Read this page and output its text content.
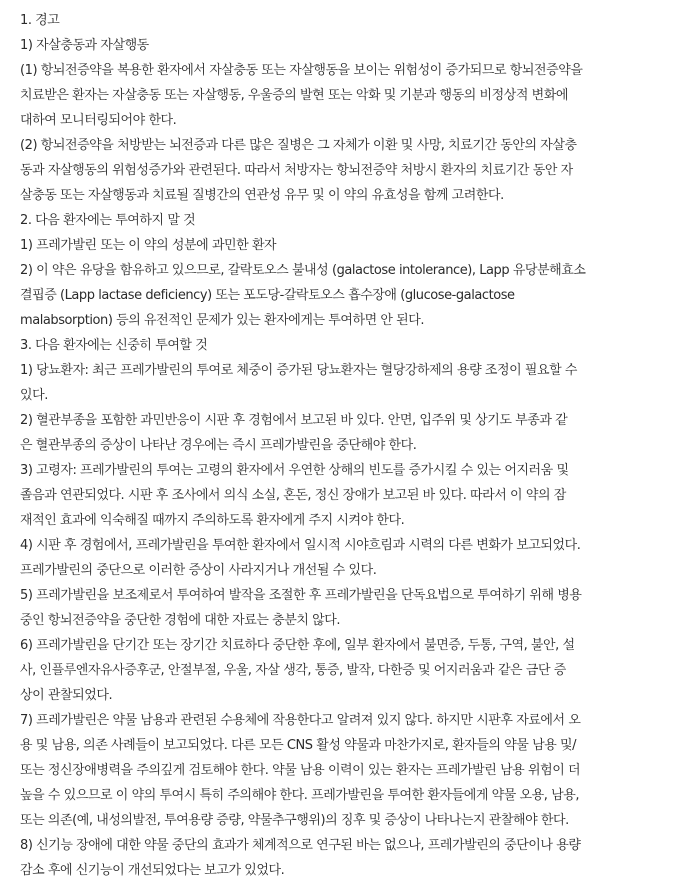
1. 경고
1) 자살충동과 자살행동
(1) 항뇌전증약을 복용한 환자에서 자살충동 또는 자살행동을 보이는 위험성이 증가되므로 항뇌전증약을
치료받은 환자는 자살충동 또는 자살행동, 우울증의 발현 또는 악화 및 기분과 행동의 비정상적 변화에
대하여 모니터링되어야 한다.
(2) 항뇌전증약을 처방받는 뇌전증과 다른 많은 질병은 그 자체가 이환 및 사망, 치료기간 동안의 자살충
동과 자살행동의 위험성증가와 관련된다. 따라서 처방자는 항뇌전증약 처방시 환자의 치료기간 동안 자
살충동 또는 자살행동과 치료될 질병간의 연관성 유무 및 이 약의 유효성을 함께 고려한다.
2. 다음 환자에는 투여하지 말 것
1) 프레가발린 또는 이 약의 성분에 과민한 환자
2) 이 약은 유당을 함유하고 있으므로, 갈락토오스 불내성 (galactose intolerance), Lapp 유당분해효소
결핍증 (Lapp lactase deficiency) 또는 포도당-갈락토오스 흡수장애 (glucose-galactose
malabsorption) 등의 유전적인 문제가 있는 환자에게는 투여하면 안 된다.
3. 다음 환자에는 신중히 투여할 것
1) 당뇨환자: 최근 프레가발린의 투여로 체중이 증가된 당뇨환자는 혈당강하제의 용량 조정이 필요할 수
있다.
2) 혈관부종을 포함한 과민반응이 시판 후 경험에서 보고된 바 있다. 안면, 입주위 및 상기도 부종과 같
은 혈관부종의 증상이 나타난 경우에는 즉시 프레가발린을 중단해야 한다.
3) 고령자: 프레가발린의 투여는 고령의 환자에서 우연한 상해의 빈도를 증가시킬 수 있는 어지러움 및
졸음과 연관되었다. 시판 후 조사에서 의식 소실, 혼돈, 정신 장애가 보고된 바 있다. 따라서 이 약의 잠
재적인 효과에 익숙해질 때까지 주의하도록 환자에게 주지 시켜야 한다.
4) 시판 후 경험에서, 프레가발린을 투여한 환자에서 일시적 시야흐림과 시력의 다른 변화가 보고되었다.
프레가발린의 중단으로 이러한 증상이 사라지거나 개선될 수 있다.
5) 프레가발린을 보조제로서 투여하여 발작을 조절한 후 프레가발린을 단독요법으로 투여하기 위해 병용
중인 항뇌전증약을 중단한 경험에 대한 자료는 충분치 않다.
6) 프레가발린을 단기간 또는 장기간 치료하다 중단한 후에, 일부 환자에서 불면증, 두통, 구역, 불안, 설
사, 인플루엔자유사증후군, 안절부절, 우울, 자살 생각, 통증, 발작, 다한증 및 어지러움과 같은 금단 증
상이 관찰되었다.
7) 프레가발린은 약물 남용과 관련된 수용체에 작용한다고 알려져 있지 않다. 하지만 시판후 자료에서 오
용 및 남용, 의존 사례들이 보고되었다. 다른 모든 CNS 활성 약물과 마찬가지로, 환자들의 약물 남용 및/
또는 정신장애병력을 주의깊게 검토해야 한다. 약물 남용 이력이 있는 환자는 프레가발린 남용 위험이 더
높을 수 있으므로 이 약의 투여시 특히 주의해야 한다. 프레가발린을 투여한 환자들에게 약물 오용, 남용,
또는 의존(예, 내성의발전, 투여용량 증량, 약물추구행위)의 징후 및 증상이 나타나는지 관찰해야 한다.
8) 신기능 장애에 대한 약물 중단의 효과가 체계적으로 연구된 바는 없으나, 프레가발린의 중단이나 용량
감소 후에 신기능이 개선되었다는 보고가 있었다.
